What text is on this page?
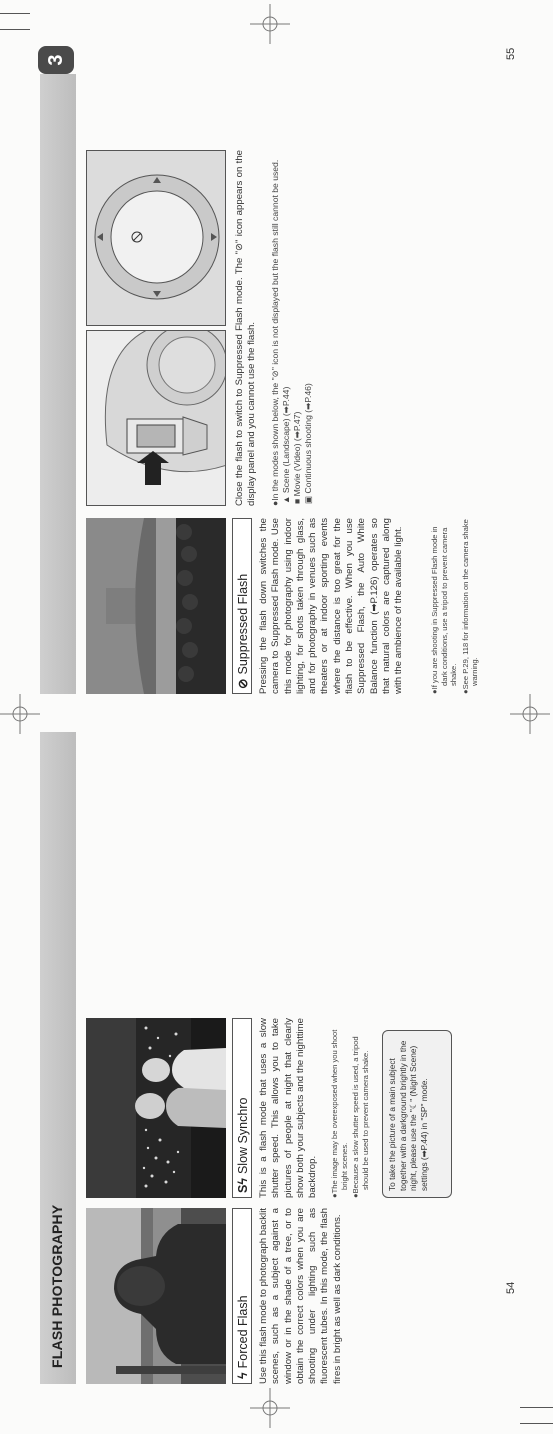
54
55
FLASH PHOTOGRAPHY
3
ϟForced Flash Use this flash mode to photograph backlit scenes, such as a subject against a window or in the shade of a tree, or to obtain the correct colors when you are shooting under lighting such as fluorescent tubes. In this mode, the flash fires in bright as well as dark conditions.
SϟSlow Synchro This is a flash mode that uses a slow shutter speed. This allows you to take pictures of people at night that clearly show both your subjects and the nighttime backdrop. ●The image may be overexposed when you shoot bright scenes.
●Because a slow shutter speed is used, a tripod should be used to prevent camera shake.	To take the picture of a main subject together with a darkground brightly in the night, please use the "☾" (Night Scene) settings (➡P.44) in "SP" mode.
⊘Suppressed Flash Pressing the flash down switches the camera to Suppressed Flash mode. Use this mode for photography using indoor lighting, for shots taken through glass, and for photography in venues such as theaters or at indoor sporting events where the distance is too great for the flash to be effective. When you use Suppressed Flash, the Auto White Balance function (➡P.126) operates so that natural colors are captured along with the ambience of the available light.	●If you are shooting in Suppressed Flash mode in dark conditions, use a tripod to prevent camera shake.
●See P.29, 118 for information on the camera shake warning.
Close the flash to switch to Suppressed Flash mode. The "⊘" icon appears on the display panel and you cannot use the flash. ●In the modes shown below, the "⊘" icon is not displayed but the flash still cannot be used. ▲ Scene (Landscape) (➡P.44)
■ Movie (Video) (➡P.47)
▣ Continuous shooting (➡P.46)
